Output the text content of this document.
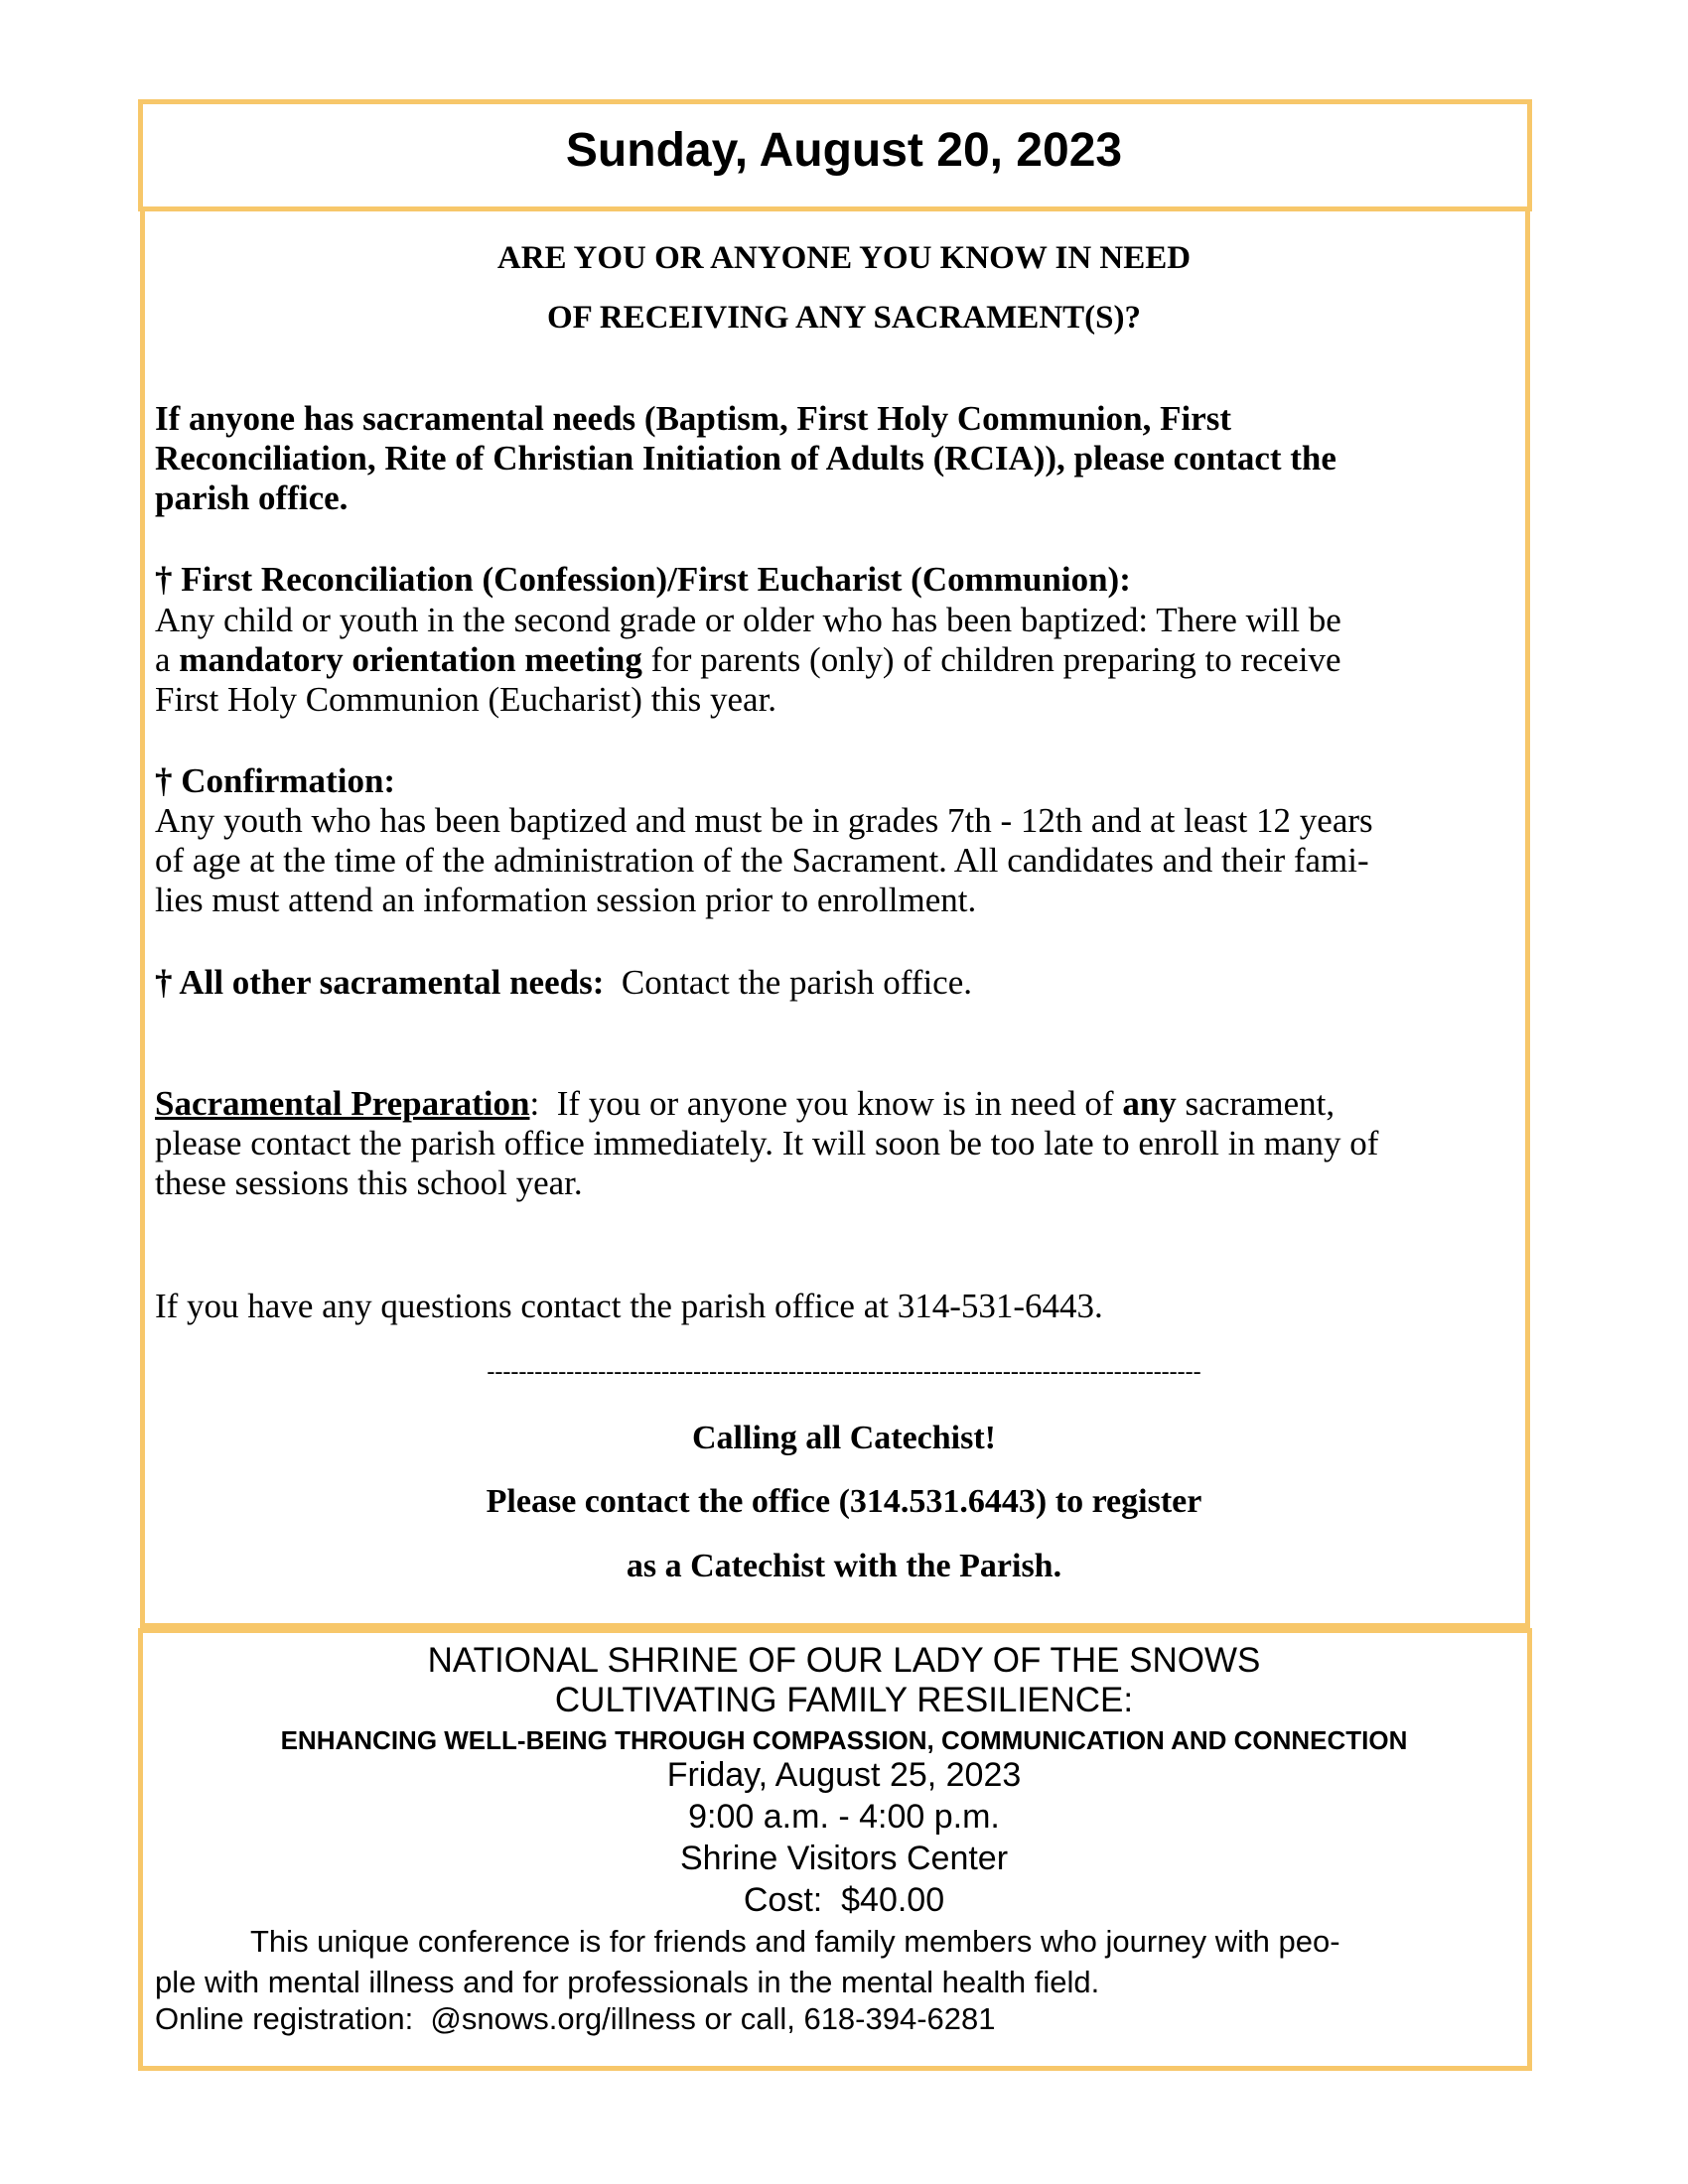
Sunday, August 20, 2023
ARE YOU OR ANYONE YOU KNOW IN NEED
OF RECEIVING ANY SACRAMENT(S)?
If anyone has sacramental needs (Baptism, First Holy Communion, First
Reconciliation, Rite of Christian Initiation of Adults (RCIA)), please contact the
parish office.
† First Reconciliation (Confession)/First Eucharist (Communion):
Any child or youth in the second grade or older who has been baptized: There will be
a mandatory orientation meeting for parents (only) of children preparing to receive
First Holy Communion (Eucharist) this year.
† Confirmation:
Any youth who has been baptized and must be in grades 7th - 12th and at least 12 years
of age at the time of the administration of the Sacrament. All candidates and their fami-
lies must attend an information session prior to enrollment.
† All other sacramental needs:  Contact the parish office.
Sacramental Preparation:  If you or anyone you know is in need of any sacrament,
please contact the parish office immediately. It will soon be too late to enroll in many of
these sessions this school year.
If you have any questions contact the parish office at 314-531-6443.
------------------------------------------------------------------------------------------
Calling all Catechist!
Please contact the office (314.531.6443) to register
as a Catechist with the Parish.
NATIONAL SHRINE OF OUR LADY OF THE SNOWS
CULTIVATING FAMILY RESILIENCE:
ENHANCING WELL-BEING THROUGH COMPASSION, COMMUNICATION AND CONNECTION
Friday, August 25, 2023
9:00 a.m. - 4:00 p.m.
Shrine Visitors Center
Cost:  $40.00
This unique conference is for friends and family members who journey with peo-
ple with mental illness and for professionals in the mental health field.
Online registration:  @snows.org/illness or call, 618-394-6281
